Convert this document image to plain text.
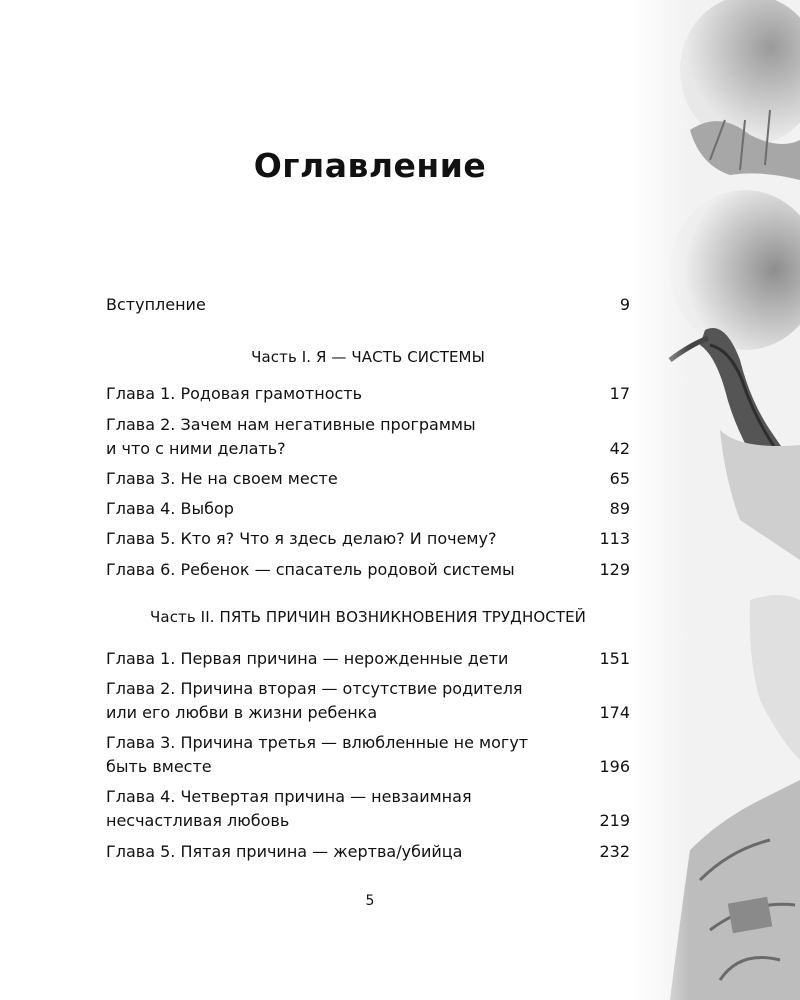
Оглавление
Вступление	9
Часть I. Я — ЧАСТЬ СИСТЕМЫ
Глава 1. Родовая грамотность	17
Глава 2. Зачем нам негативные программы
и что с ними делать?	42
Глава 3. Не на своем месте	65
Глава 4. Выбор	89
Глава 5. Кто я? Что я здесь делаю? И почему?	113
Глава 6. Ребенок — спасатель родовой системы	129
Часть II. ПЯТЬ ПРИЧИН ВОЗНИКНОВЕНИЯ ТРУДНОСТЕЙ
Глава 1. Первая причина — нерожденные дети	151
Глава 2. Причина вторая — отсутствие родителя
или его любви в жизни ребенка	174
Глава 3. Причина третья — влюбленные не могут
быть вместе	196
Глава 4. Четвертая причина — невзаимная
несчастливая любовь	219
Глава 5. Пятая причина — жертва/убийца	232
5
